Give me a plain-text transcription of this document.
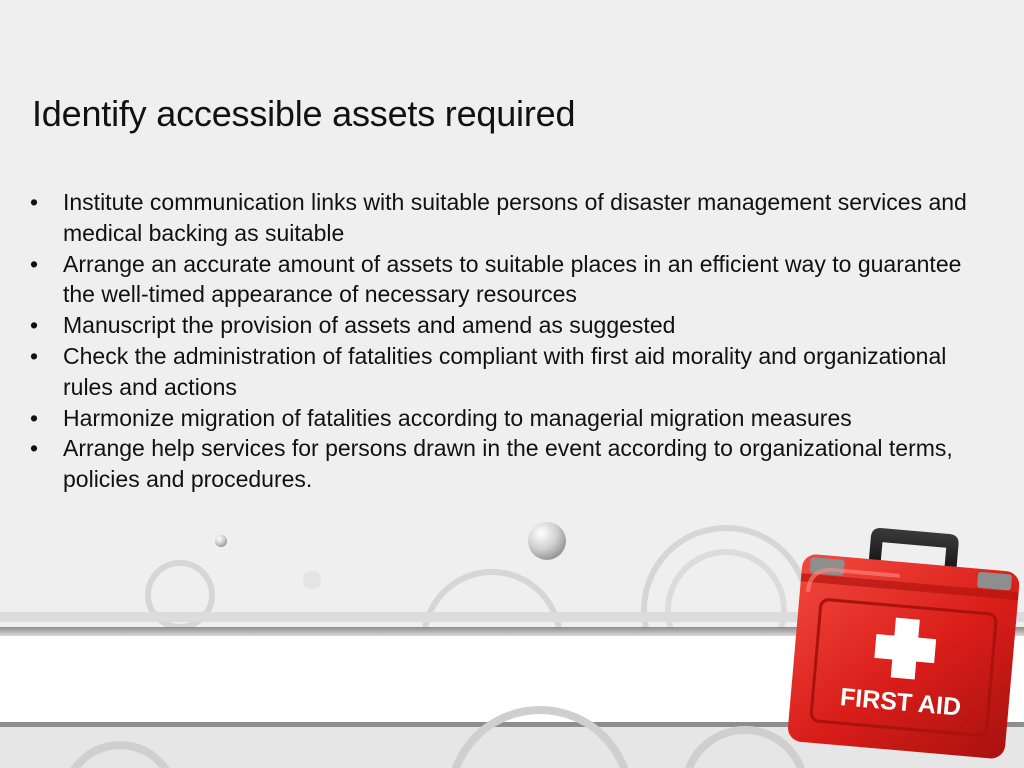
Identify accessible assets required
• Institute communication links with suitable persons of disaster management services and medical backing as suitable
• Arrange an accurate amount of assets to suitable places in an efficient way to guarantee the well-timed appearance of necessary resources
• Manuscript the provision of assets and amend as suggested
• Check the administration of fatalities compliant with first aid morality and organizational rules and actions
• Harmonize migration of fatalities according to managerial migration measures
• Arrange help services for persons drawn in the event according to organizational terms, policies and procedures.
FIRST AID
